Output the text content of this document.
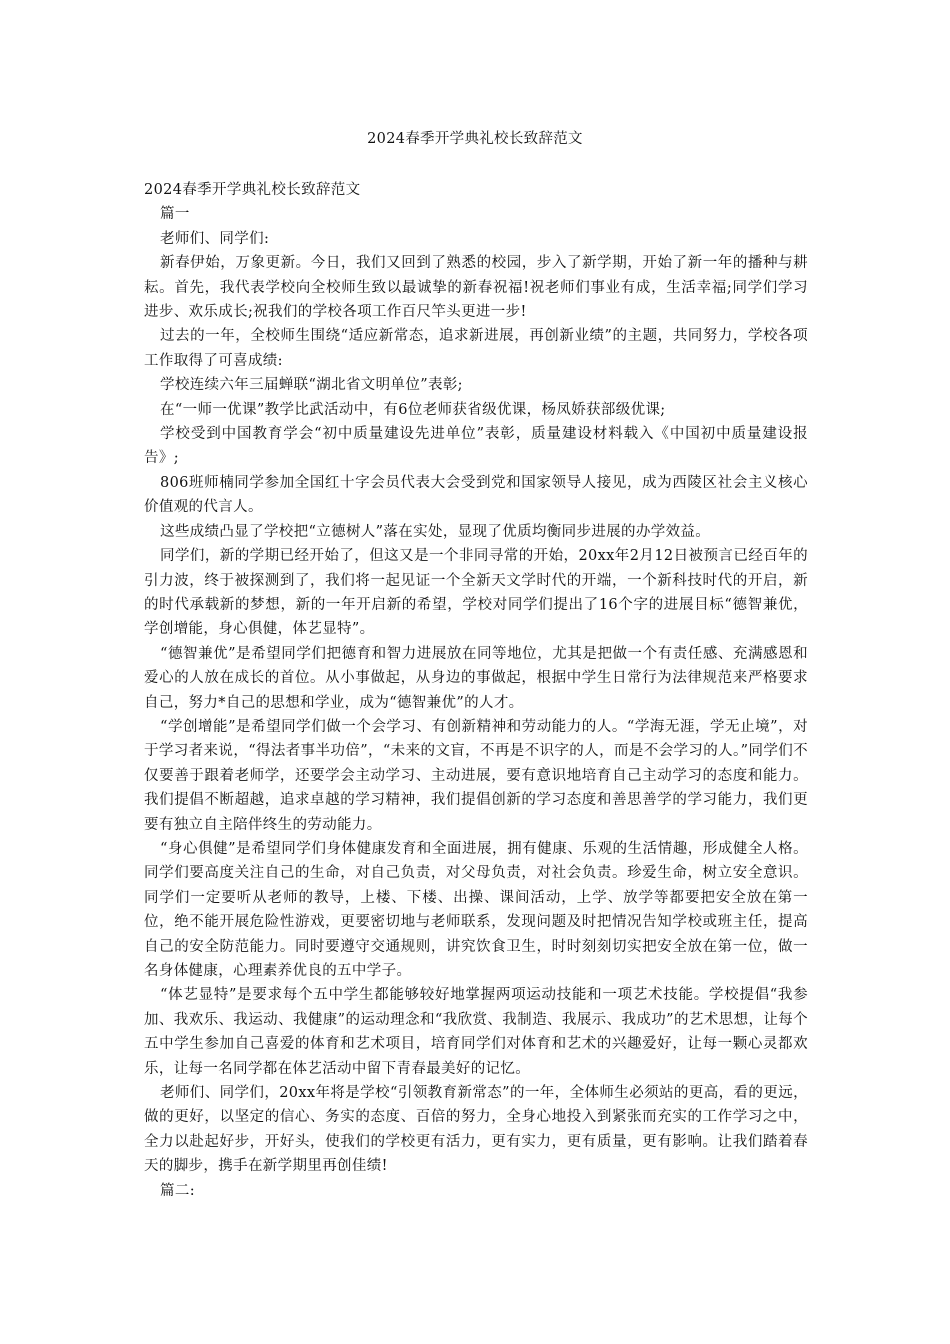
2024春季开学典礼校长致辞范文

2024春季开学典礼校长致辞范文

篇一

老师们、同学们:

新春伊始，万象更新。今日，我们又回到了熟悉的校园，步入了新学期，开始了新一年的播种与耕耘。首先，我代表学校向全校师生致以最诚挚的新春祝福!祝老师们事业有成，生活幸福;同学们学习进步、欢乐成长;祝我们的学校各项工作百尺竿头更进一步!

过去的一年，全校师生围绕“适应新常态，追求新进展，再创新业绩”的主题，共同努力，学校各项工作取得了可喜成绩:

学校连续六年三届蝉联“湖北省文明单位”表彰;

在“一师一优课”教学比武活动中，有6位老师获省级优课，杨凤娇获部级优课;

学校受到中国教育学会“初中质量建设先进单位”表彰，质量建设材料载入《中国初中质量建设报告》;

806班师楠同学参加全国红十字会员代表大会受到党和国家领导人接见，成为西陵区社会主义核心价值观的代言人。

这些成绩凸显了学校把“立德树人”落在实处，显现了优质均衡同步进展的办学效益。

同学们，新的学期已经开始了，但这又是一个非同寻常的开始，20xx年2月12日被预言已经百年的引力波，终于被探测到了，我们将一起见证一个全新天文学时代的开端，一个新科技时代的开启，新的时代承载新的梦想，新的一年开启新的希望，学校对同学们提出了16个字的进展目标“德智兼优，学创增能，身心俱健，体艺显特”。

“德智兼优”是希望同学们把德育和智力进展放在同等地位，尤其是把做一个有责任感、充满感恩和爱心的人放在成长的首位。从小事做起，从身边的事做起，根据中学生日常行为法律规范来严格要求自己，努力*自己的思想和学业，成为“德智兼优”的人才。

“学创增能”是希望同学们做一个会学习、有创新精神和劳动能力的人。“学海无涯，学无止境”，对于学习者来说，“得法者事半功倍”，“未来的文盲，不再是不识字的人，而是不会学习的人。”同学们不仅要善于跟着老师学，还要学会主动学习、主动进展，要有意识地培育自己主动学习的态度和能力。我们提倡不断超越，追求卓越的学习精神，我们提倡创新的学习态度和善思善学的学习能力，我们更要有独立自主陪伴终生的劳动能力。

“身心俱健”是希望同学们身体健康发育和全面进展，拥有健康、乐观的生活情趣，形成健全人格。同学们要高度关注自己的生命，对自己负责，对父母负责，对社会负责。珍爱生命，树立安全意识。同学们一定要听从老师的教导，上楼、下楼、出操、课间活动，上学、放学等都要把安全放在第一位，绝不能开展危险性游戏，更要密切地与老师联系，发现问题及时把情况告知学校或班主任，提高自己的安全防范能力。同时要遵守交通规则，讲究饮食卫生，时时刻刻切实把安全放在第一位，做一名身体健康，心理素养优良的五中学子。

“体艺显特”是要求每个五中学生都能够较好地掌握两项运动技能和一项艺术技能。学校提倡“我参加、我欢乐、我运动、我健康”的运动理念和“我欣赏、我制造、我展示、我成功”的艺术思想，让每个五中学生参加自己喜爱的体育和艺术项目，培育同学们对体育和艺术的兴趣爱好，让每一颗心灵都欢乐，让每一名同学都在体艺活动中留下青春最美好的记忆。

老师们、同学们，20xx年将是学校“引领教育新常态”的一年，全体师生必须站的更高，看的更远，做的更好，以坚定的信心、务实的态度、百倍的努力，全身心地投入到紧张而充实的工作学习之中，全力以赴起好步，开好头，使我们的学校更有活力，更有实力，更有质量，更有影响。让我们踏着春天的脚步，携手在新学期里再创佳绩!

篇二:
